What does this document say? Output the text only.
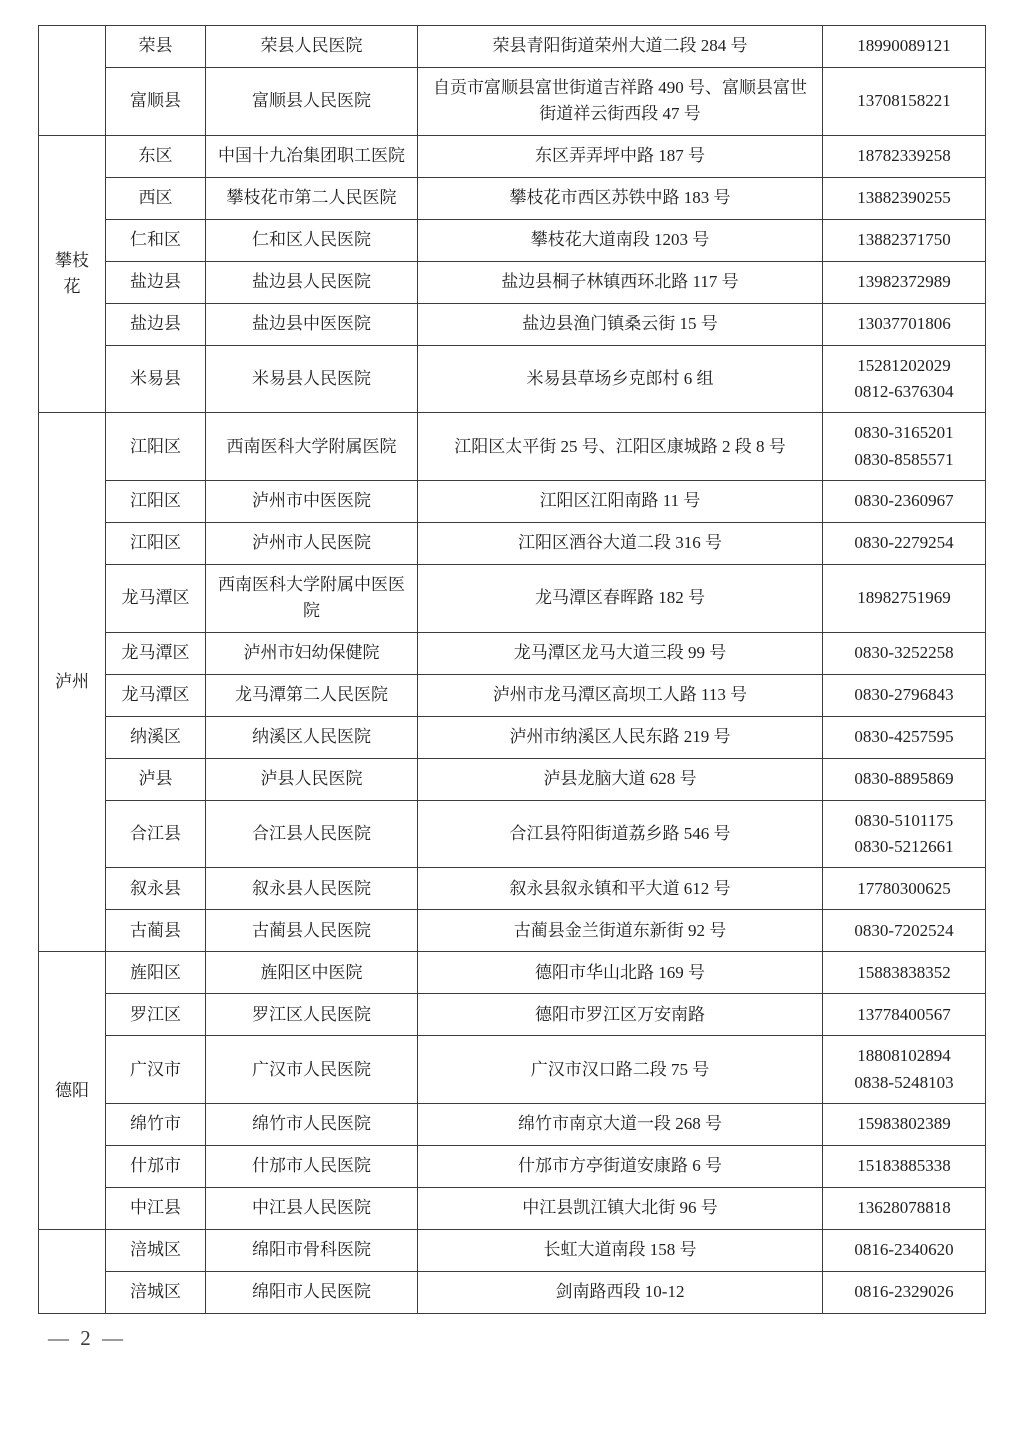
	荣县	荣县人民医院	荣县青阳街道荣州大道二段 284 号	18990089121

	富顺县	富顺县人民医院	自贡市富顺县富世街道吉祥路 490 号、富顺县富世街道祥云街西段 47 号	13708158221

攀枝花	东区	中国十九冶集团职工医院	东区弄弄坪中路 187 号	18782339258

	西区	攀枝花市第二人民医院	攀枝花市西区苏铁中路 183 号	13882390255

	仁和区	仁和区人民医院	攀枝花大道南段 1203 号	13882371750

	盐边县	盐边县人民医院	盐边县桐子林镇西环北路 117 号	13982372989

	盐边县	盐边县中医医院	盐边县渔门镇桑云街 15 号	13037701806

	米易县	米易县人民医院	米易县草场乡克郎村 6 组	15281202029
0812-6376304

泸州	江阳区	西南医科大学附属医院	江阳区太平街 25 号、江阳区康城路 2 段 8 号	0830-3165201
0830-8585571

	江阳区	泸州市中医医院	江阳区江阳南路 11 号	0830-2360967

	江阳区	泸州市人民医院	江阳区酒谷大道二段 316 号	0830-2279254

	龙马潭区	西南医科大学附属中医医院	龙马潭区春晖路 182 号	18982751969

	龙马潭区	泸州市妇幼保健院	龙马潭区龙马大道三段 99 号	0830-3252258

	龙马潭区	龙马潭第二人民医院	泸州市龙马潭区高坝工人路 113 号	0830-2796843

	纳溪区	纳溪区人民医院	泸州市纳溪区人民东路 219 号	0830-4257595

	泸县	泸县人民医院	泸县龙脑大道 628 号	0830-8895869

	合江县	合江县人民医院	合江县符阳街道荔乡路 546 号	0830-5101175
0830-5212661

	叙永县	叙永县人民医院	叙永县叙永镇和平大道 612 号	17780300625

	古蔺县	古蔺县人民医院	古蔺县金兰街道东新街 92 号	0830-7202524

德阳	旌阳区	旌阳区中医院	德阳市华山北路 169 号	15883838352

	罗江区	罗江区人民医院	德阳市罗江区万安南路	13778400567

	广汉市	广汉市人民医院	广汉市汉口路二段 75 号	18808102894
0838-5248103

	绵竹市	绵竹市人民医院	绵竹市南京大道一段 268 号	15983802389

	什邡市	什邡市人民医院	什邡市方亭街道安康路 6 号	15183885338

	中江县	中江县人民医院	中江县凯江镇大北街 96 号	13628078818

	涪城区	绵阳市骨科医院	长虹大道南段 158 号	0816-2340620

	涪城区	绵阳市人民医院	剑南路西段 10-12	0816-2329026
— 2 —
